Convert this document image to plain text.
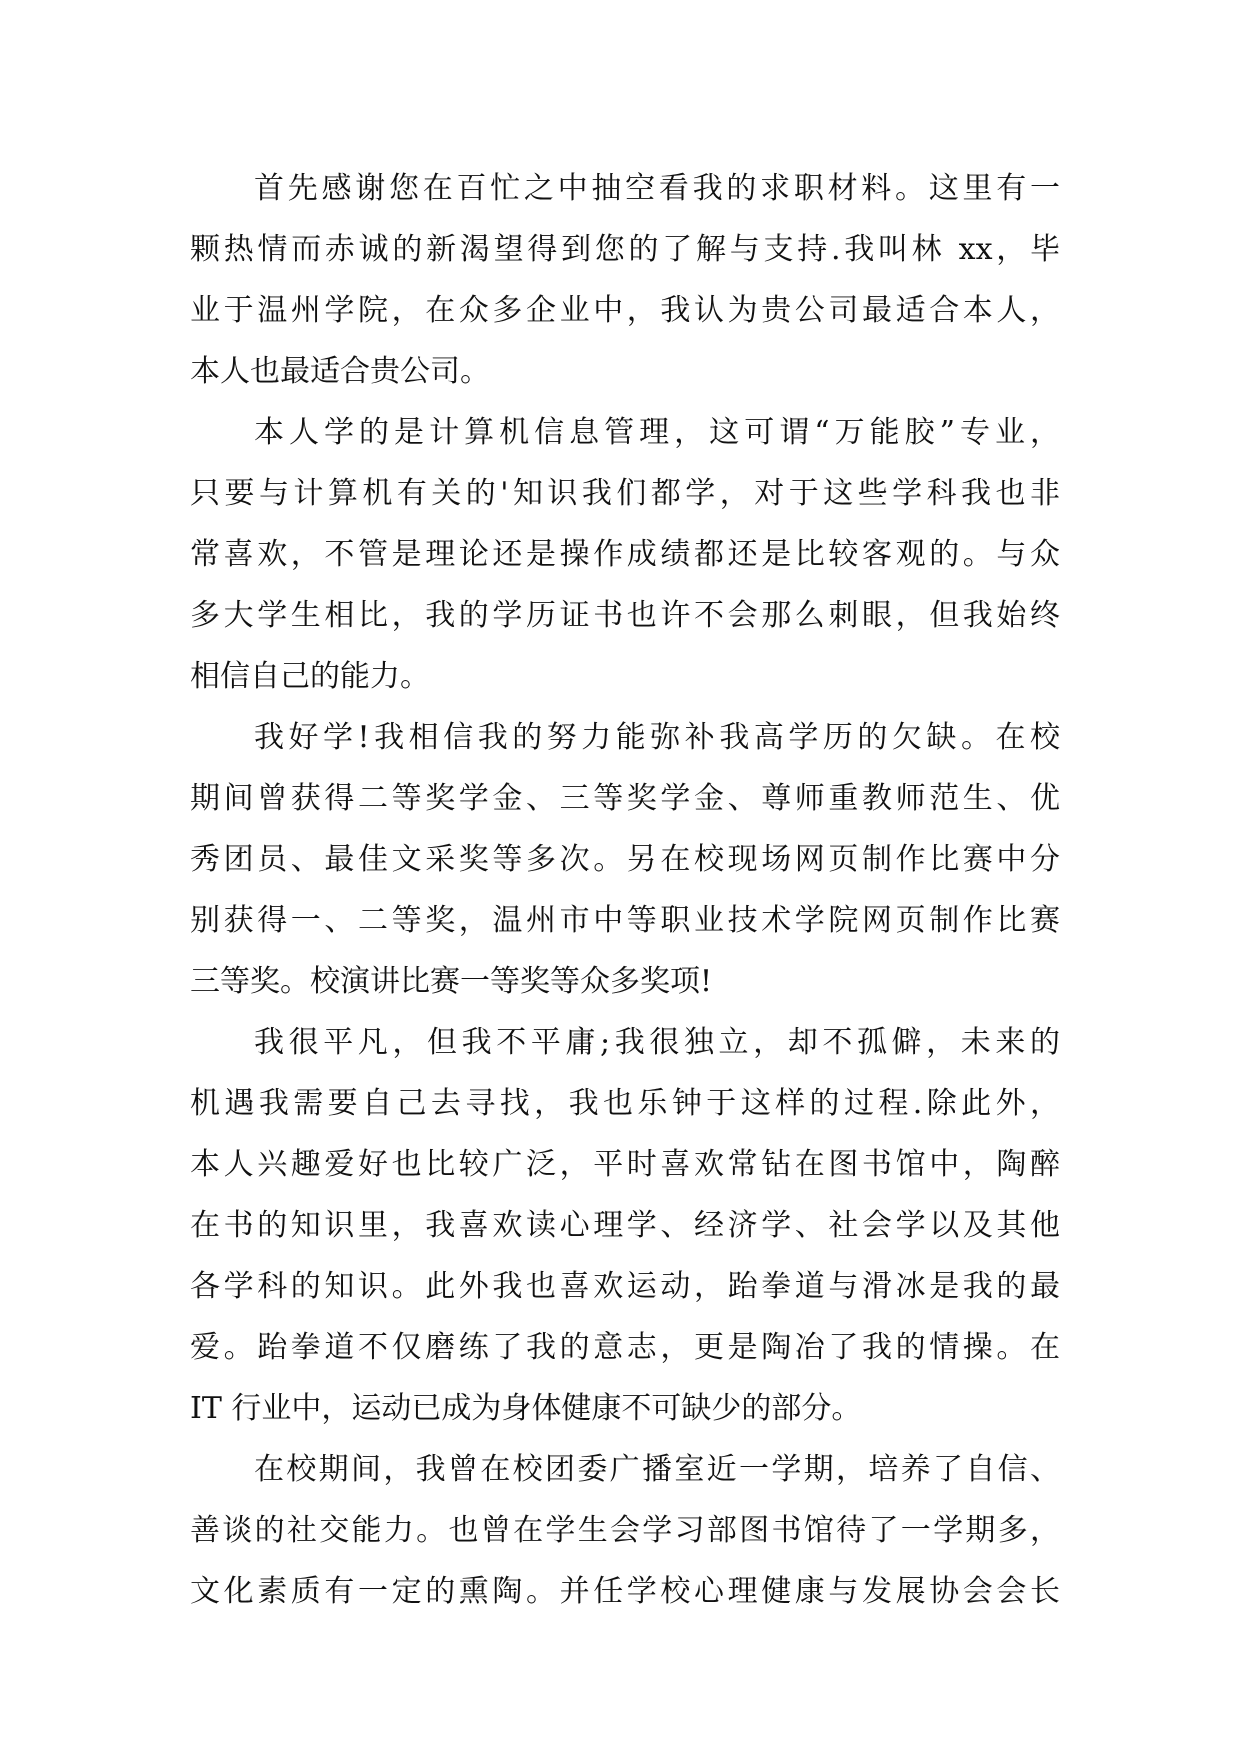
首先感谢您在百忙之中抽空看我的求职材料。这里有一
颗热情而赤诚的新渴望得到您的了解与支持.我叫林 xx，毕
业于温州学院，在众多企业中，我认为贵公司最适合本人，
本人也最适合贵公司。
本人学的是计算机信息管理，这可谓“万能胶”专业，
只要与计算机有关的'知识我们都学，对于这些学科我也非
常喜欢，不管是理论还是操作成绩都还是比较客观的。与众
多大学生相比，我的学历证书也许不会那么刺眼，但我始终
相信自己的能力。
我好学!我相信我的努力能弥补我高学历的欠缺。在校
期间曾获得二等奖学金、三等奖学金、尊师重教师范生、优
秀团员、最佳文采奖等多次。另在校现场网页制作比赛中分
别获得一、二等奖，温州市中等职业技术学院网页制作比赛
三等奖。校演讲比赛一等奖等众多奖项!
我很平凡，但我不平庸;我很独立，却不孤僻，未来的
机遇我需要自己去寻找，我也乐钟于这样的过程.除此外，
本人兴趣爱好也比较广泛，平时喜欢常钻在图书馆中，陶醉
在书的知识里，我喜欢读心理学、经济学、社会学以及其他
各学科的知识。此外我也喜欢运动，跆拳道与滑冰是我的最
爱。跆拳道不仅磨练了我的意志，更是陶冶了我的情操。在
IT 行业中，运动已成为身体健康不可缺少的部分。
在校期间，我曾在校团委广播室近一学期，培养了自信、
善谈的社交能力。也曾在学生会学习部图书馆待了一学期多，
文化素质有一定的熏陶。并任学校心理健康与发展协会会长
